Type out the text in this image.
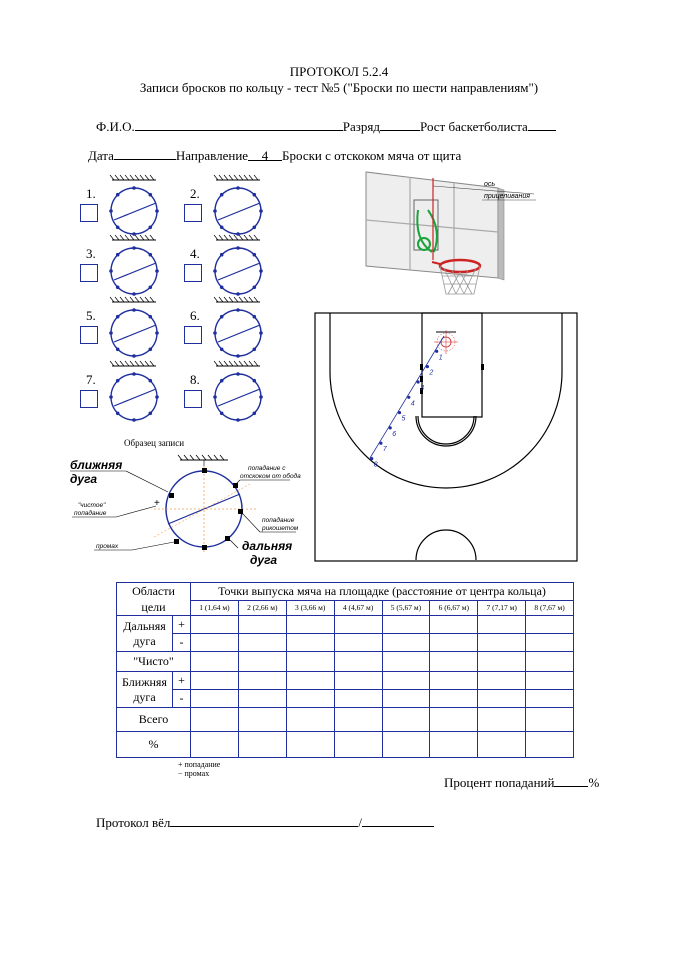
ПРОТОКОЛ 5.2.4
Записи бросков по кольцу - тест №5 ("Броски по шести направлениям")
Ф.И.О.	Разряд	Рост баскетболиста
Дата	Направление 4 Броски с отскоком мяча от щита
1.	2.
3.	4.
5.	6.
7.	8.
Образец записи
+
ближняя
дуга
"чистое"
попадание
промах
попадание с
отскоком от обода
попадание
рикошетом
дальняя
дуга
ось
прицеливания
1
2
3
4
5
6
7
8
Области цели		Точки выпуска мяча на площадке (расстояние от центра кольца)							
		1 (1,64 м)	2 (2,66 м)	3 (3,66 м)	4 (4,67 м)	5 (5,67 м)	6 (6,67 м)	7 (7,17 м)	8 (7,67 м)
Дальняя дуга	+								
	-								
"Чисто"									
Ближняя дуга	+								
	-								
Всего									
%									
+ попадание
− промах
Процент попаданий	%
Протокол вёл	/
